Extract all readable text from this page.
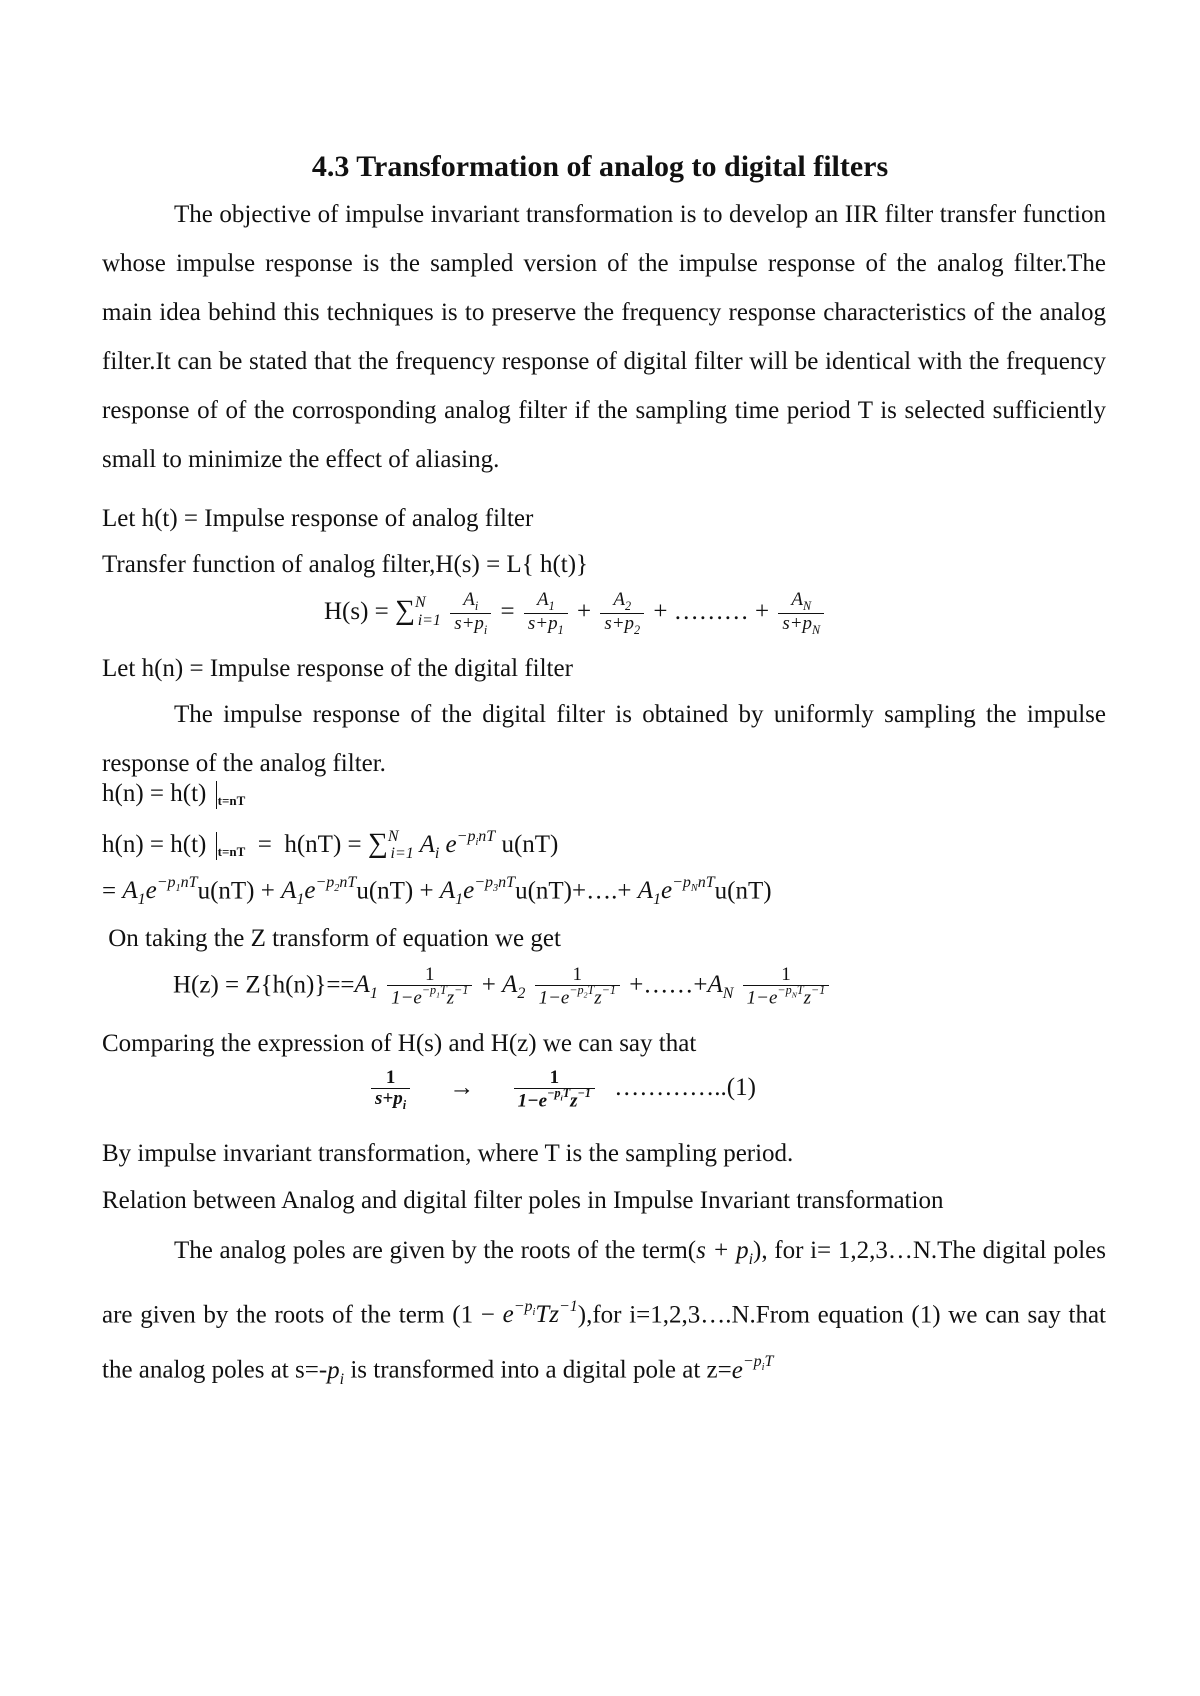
4.3 Transformation of analog to digital filters
The objective of impulse invariant transformation is to develop an IIR filter transfer function whose impulse response is the sampled version of the impulse response of the analog filter.The main idea behind this techniques is to preserve the frequency response characteristics of the analog filter.It can be stated that the frequency response of digital filter will be identical with the frequency response of of the corrosponding analog filter if the sampling time period T is selected sufficiently small to minimize the effect of aliasing.
Let h(t) = Impulse response of analog filter
Transfer function of analog filter,H(s) = L{ h(t)}
$H(s) = \sum^N_{i=1} \frac{A_i}{s+p_i} = \frac{A_1}{s+p_1} + \frac{A_2}{s+p_2}$ + ……… + $\frac{A_N}{s+p_N}$
Let h(n) = Impulse response of the digital filter
The impulse response of the digital filter is obtained by uniformly sampling the impulse response of the analog filter.
h(n) = h(t) t=nT
h(n) = h(t) t=nT  =  h(nT) = ∑$^N_{i=1}$ $A_i$ $e^{-p_inT}$ u(nT)
= $A_1e^{-p_1nT}u(nT) + A_1e^{-p_2nT}u(nT)$ + $A_1e^{-p_3nT}u(nT)+\dots.+ A_1e^{-p_NnT}u(nT)$
On taking the Z transform of equation we get
$H(z) = Z\{h(n)\}==A_1 \frac{1}{1-e^{-p_1T}z^{-1}} + A_2 \frac{1}{1-e^{-p_2T}z^{-1}}$ $+\dots\dots+A_N \frac{1}{1-e^{-p_NT}z^{-1}}$
Comparing the expression of H(s) and H(z) we can say that
$\frac{1}{s+p_i} \to \frac{1}{1-e^{-p_iT}z^{-1}}$ …………..(1)
By impulse invariant transformation, where T is the sampling period.
Relation between Analog and digital filter poles in Impulse Invariant transformation
The analog poles are given by the roots of the term(s + $p_i$), for i= 1,2,3…N.The digital poles are given by the roots of the term $(1 - e^{-p_i}Tz^{-1}),for$ i=1,2,3….N.From equation (1) we can say that the analog poles at $s=-p_i$ is transformed into a digital pole at $z=e^{-p_iT}$
